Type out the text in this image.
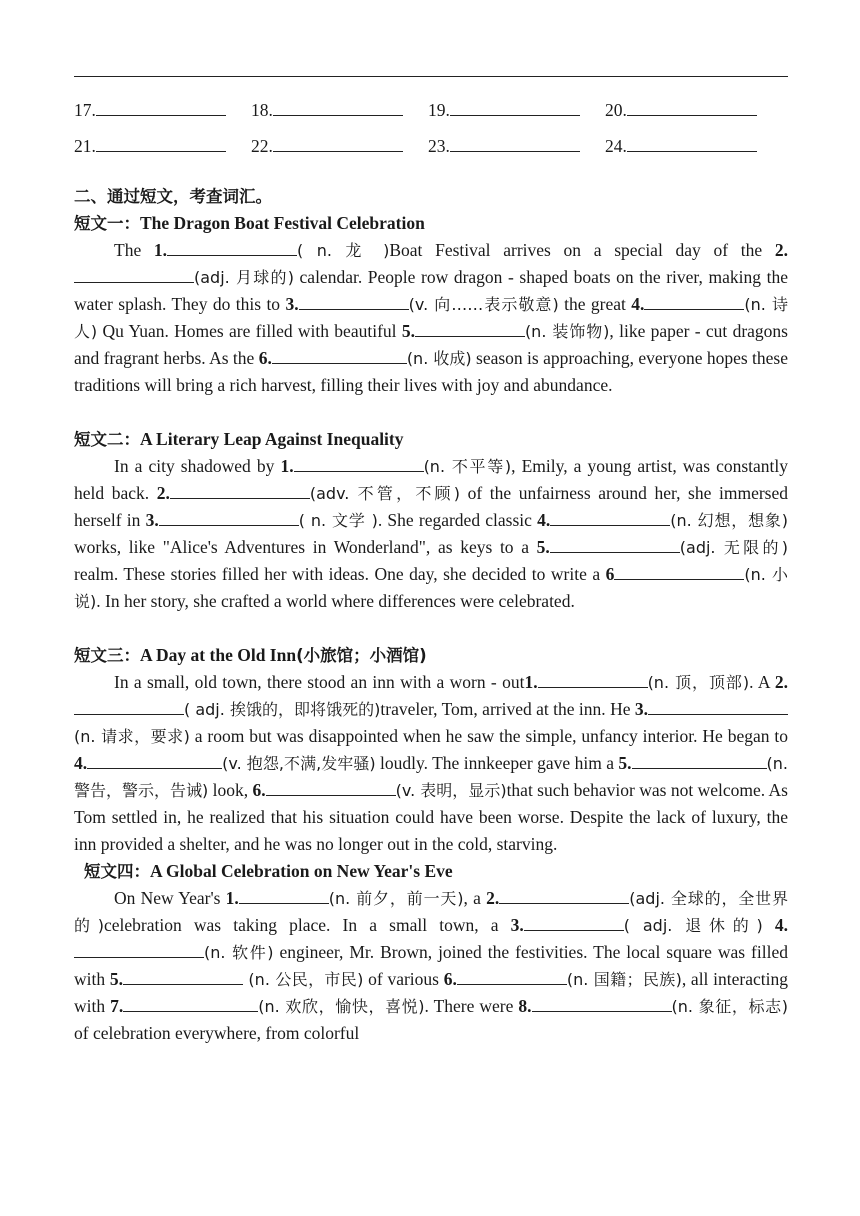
17.	18.	19.	20.
21.	22.	23.	24.
二、通过短文，考查词汇。
短文一：The Dragon Boat Festival Celebration

The 1.	( n. 龙 )Boat Festival arrives on a special day of the 2.(adj. 月球的) calendar. People row dragon - shaped boats on the river, making the water splash. They do this to 3.	(v. 向……表示敬意) the great 4.	(n. 诗人) Qu Yuan. Homes are filled with beautiful 5.	(n. 装饰物), like paper - cut dragons and fragrant herbs. As the 6.	(n. 收成) season is approaching, everyone hopes these traditions will bring a rich harvest, filling their lives with joy and abundance.

短文二：A Literary Leap Against Inequality

In a city shadowed by 1.	(n. 不平等), Emily, a young artist, was constantly held back. 2.	(adv. 不管，不顾) of the unfairness around her, she immersed herself in 3.	( n. 文学 ). She regarded classic 4.	(n. 幻想，想象) works, like "Alice's Adventures in Wonderland", as keys to a 5.	(adj. 无限的) realm. These stories filled her with ideas. One day, she decided to write a 6	(n. 小说). In her story, she crafted a world where differences were celebrated.

短文三：A Day at the Old Inn(小旅馆；小酒馆)

In a small, old town, there stood an inn with a worn - out1.	(n. 顶，顶部). A 2.( adj. 挨饿的，即将饿死的)traveler, Tom, arrived at the inn. He 3.(n. 请求，要求) a room but was disappointed when he saw the simple, unfancy interior. He began to 4.	(v. 抱怨,不满,发牢骚) loudly. The innkeeper gave him a 5.	(n. 警告，警示，告诫) look, 6.	(v. 表明，显示)that such behavior was not welcome. As Tom settled in, he realized that his situation could have been worse. Despite the lack of luxury, the inn provided a shelter, and he was no longer out in the cold, starving.

短文四：A Global Celebration on New Year's Eve

On New Year's 1.	(n. 前夕，前一天), a 2.	(adj. 全球的，全世界的)celebration was taking place. In a small town, a 3.	( adj. 退休的) 4.(n. 软件) engineer, Mr. Brown, joined the festivities. The local square was filled with 5.	(n. 公民，市民) of various 6.	(n. 国籍；民族), all interacting with 7.	(n. 欢欣，愉快，喜悦). There were 8.	(n. 象征，标志) of celebration everywhere, from colorful
